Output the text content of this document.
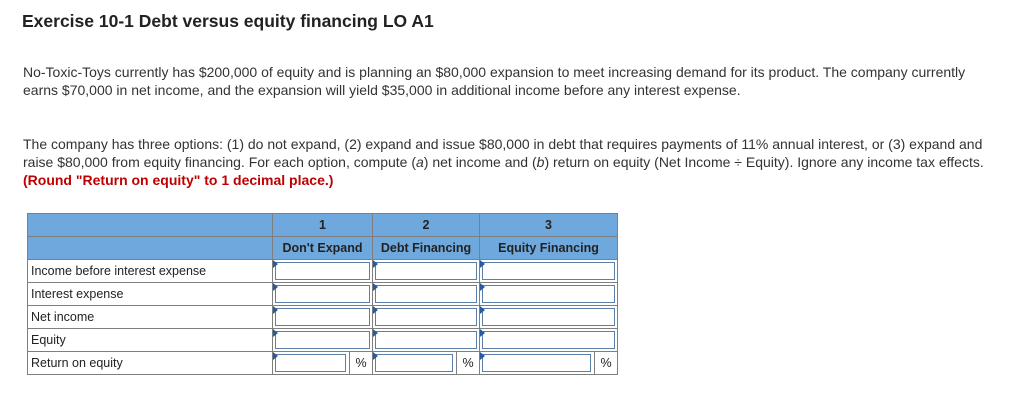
Exercise 10-1 Debt versus equity financing LO A1

No-Toxic-Toys currently has $200,000 of equity and is planning an $80,000 expansion to meet increasing demand for its product. The company currently earns $70,000 in net income, and the expansion will yield $35,000 in additional income before any interest expense.

The company has three options: (1) do not expand, (2) expand and issue $80,000 in debt that requires payments of 11% annual interest, or (3) expand and raise $80,000 from equity financing. For each option, compute (a) net income and (b) return on equity (Net Income ÷ Equity). Ignore any income tax effects. (Round "Return on equity" to 1 decimal place.)

	1	2	3
	Don't Expand	Debt Financing	Equity Financing
Income before interest expense	

Interest expense	

Net income	

Equity	

Return on equity	%	%	%
